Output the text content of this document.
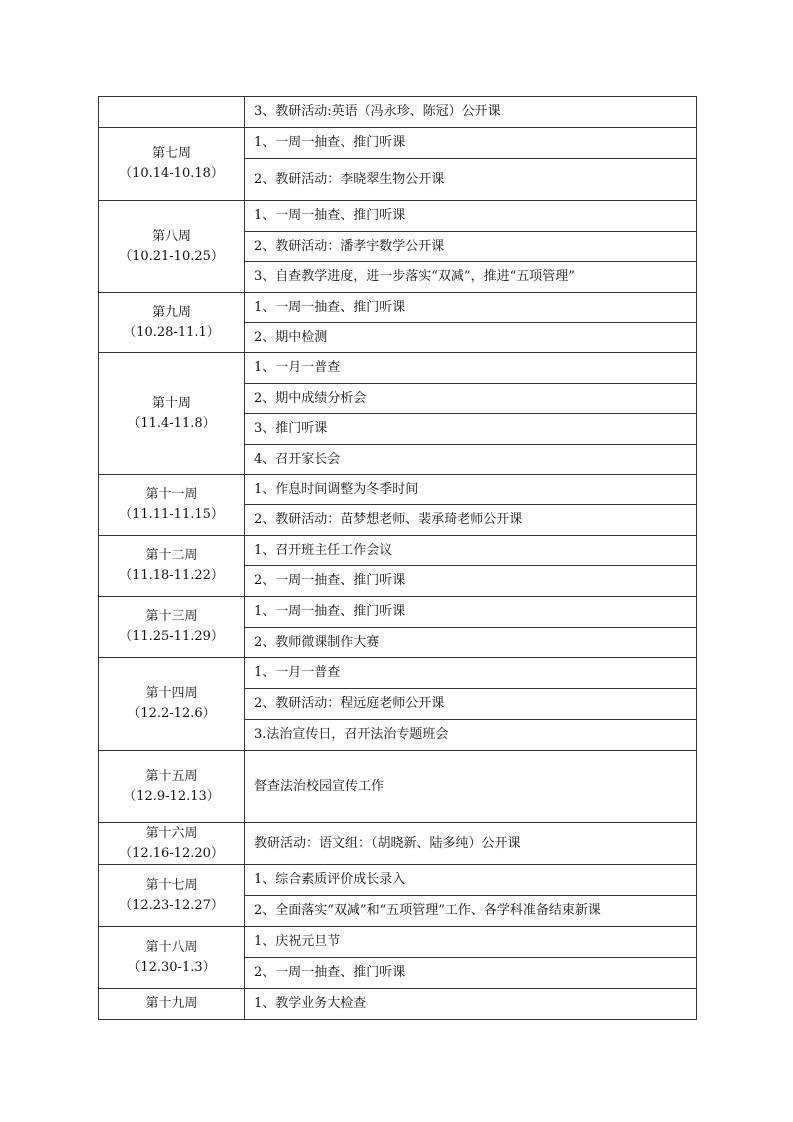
	3、教研活动:英语（冯永珍、陈冠）公开课

第七周
（10.14-10.18）	1、一周一抽查、推门听课
	2、教研活动：李晓翠生物公开课

第八周
（10.21-10.25）	1、一周一抽查、推门听课
	2、教研活动：潘孝宇数学公开课
	3、自查教学进度，进一步落实“双减”，推进“五项管理”

第九周
（10.28-11.1）	1、一周一抽查、推门听课
	2、期中检测

第十周
（11.4-11.8）	1、一月一普查
	2、期中成绩分析会
	3、推门听课
	4、召开家长会

第十一周
（11.11-11.15）	1、作息时间调整为冬季时间
	2、教研活动：苗梦想老师、裴承琦老师公开课

第十二周
（11.18-11.22）	1、召开班主任工作会议
	2、一周一抽查、推门听课

第十三周
（11.25-11.29）	1、一周一抽查、推门听课
	2、教师微课制作大赛

第十四周
（12.2-12.6）	1、一月一普查
	2、教研活动：程远庭老师公开课
	3.法治宣传日，召开法治专题班会

第十五周
（12.9-12.13）	督查法治校园宣传工作

第十六周
（12.16-12.20）	教研活动：语文组：（胡晓新、陆多纯）公开课

第十七周
（12.23-12.27）	1、综合素质评价成长录入
	2、全面落实“双减”和“五项管理”工作、各学科准备结束新课

第十八周
（12.30-1.3）	1、庆祝元旦节
	2、一周一抽查、推门听课

第十九周	1、教学业务大检查
